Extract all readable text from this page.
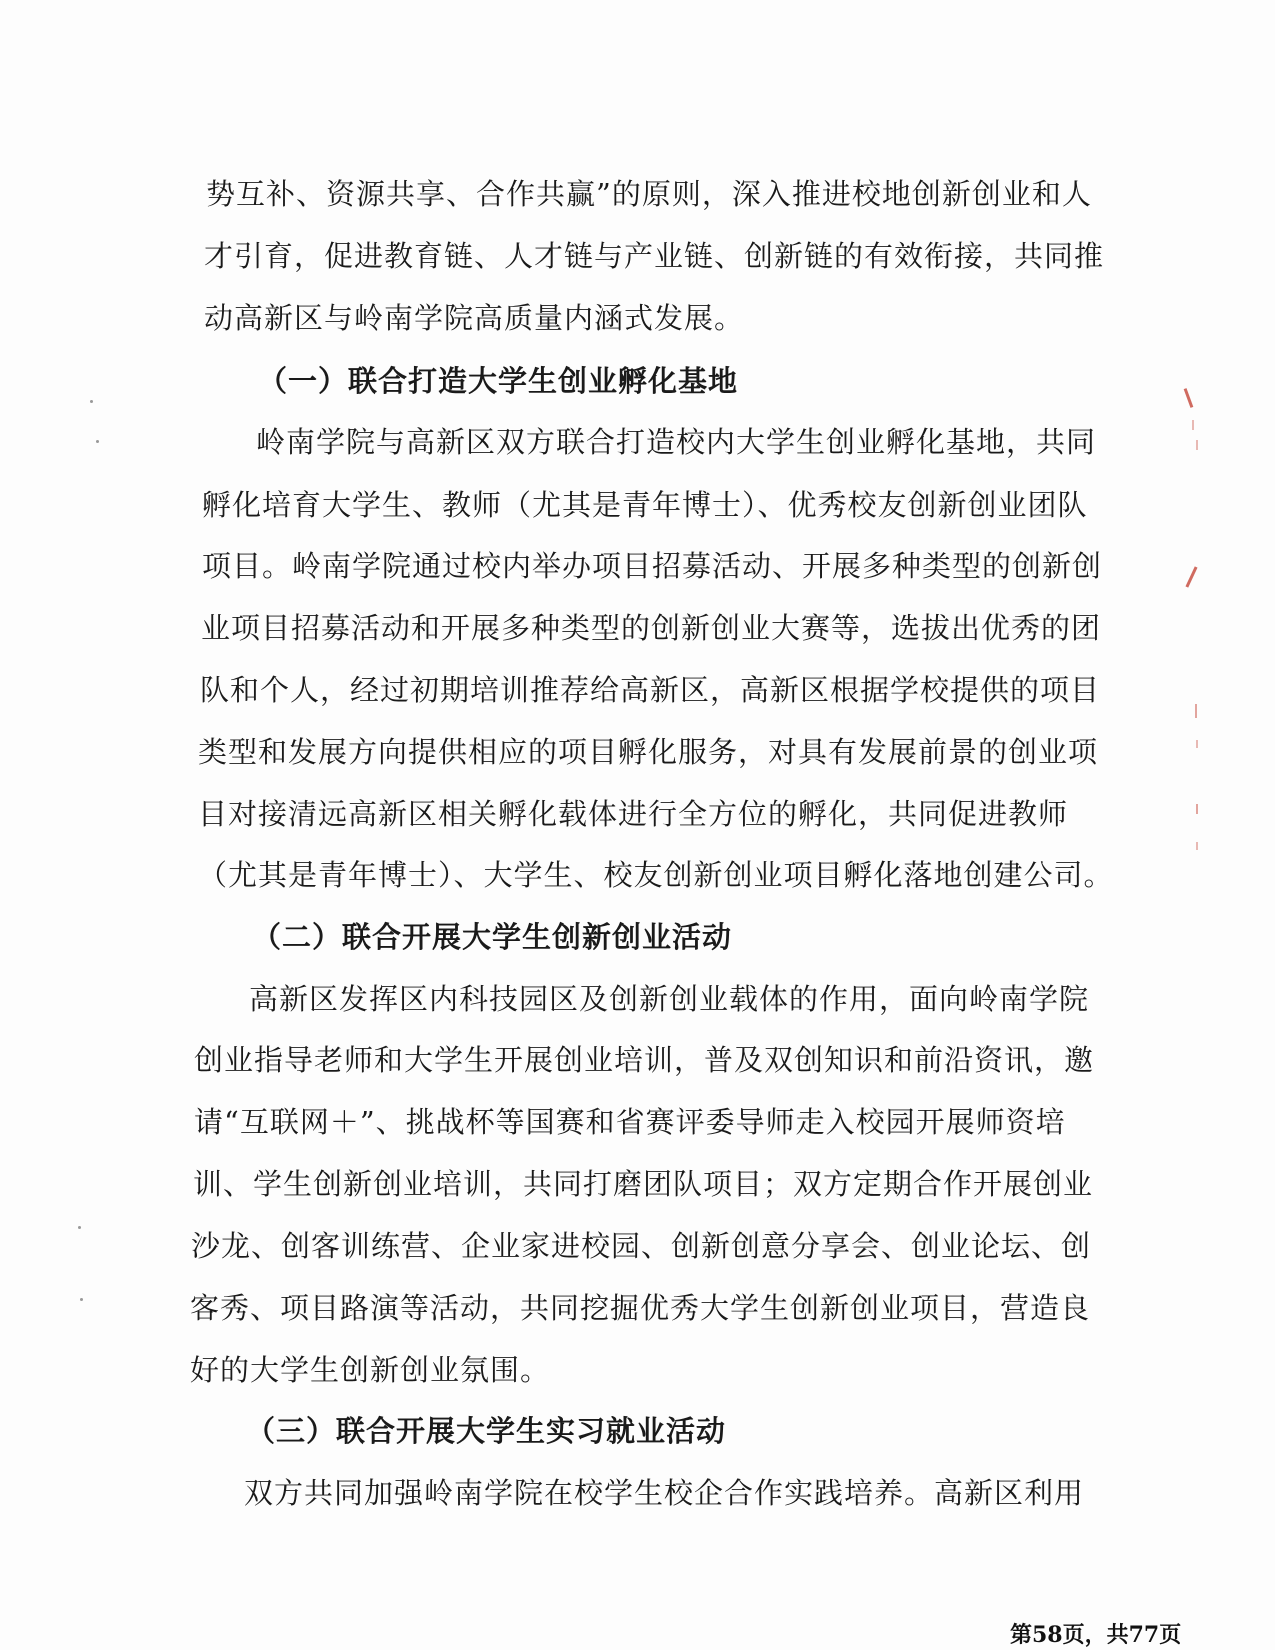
势互补、资源共享、合作共赢”的原则，深入推进校地创新创业和人
才引育，促进教育链、人才链与产业链、创新链的有效衔接，共同推
动高新区与岭南学院高质量内涵式发展。
（一）联合打造大学生创业孵化基地
岭南学院与高新区双方联合打造校内大学生创业孵化基地，共同
孵化培育大学生、教师（尤其是青年博士）、优秀校友创新创业团队
项目。岭南学院通过校内举办项目招募活动、开展多种类型的创新创
业项目招募活动和开展多种类型的创新创业大赛等，选拔出优秀的团
队和个人，经过初期培训推荐给高新区，高新区根据学校提供的项目
类型和发展方向提供相应的项目孵化服务，对具有发展前景的创业项
目对接清远高新区相关孵化载体进行全方位的孵化，共同促进教师
（尤其是青年博士）、大学生、校友创新创业项目孵化落地创建公司。
（二）联合开展大学生创新创业活动
高新区发挥区内科技园区及创新创业载体的作用，面向岭南学院
创业指导老师和大学生开展创业培训，普及双创知识和前沿资讯，邀
请“互联网＋”、挑战杯等国赛和省赛评委导师走入校园开展师资培
训、学生创新创业培训，共同打磨团队项目；双方定期合作开展创业
沙龙、创客训练营、企业家进校园、创新创意分享会、创业论坛、创
客秀、项目路演等活动，共同挖掘优秀大学生创新创业项目，营造良
好的大学生创新创业氛围。
（三）联合开展大学生实习就业活动
双方共同加强岭南学院在校学生校企合作实践培养。高新区利用
第58页，共77页
